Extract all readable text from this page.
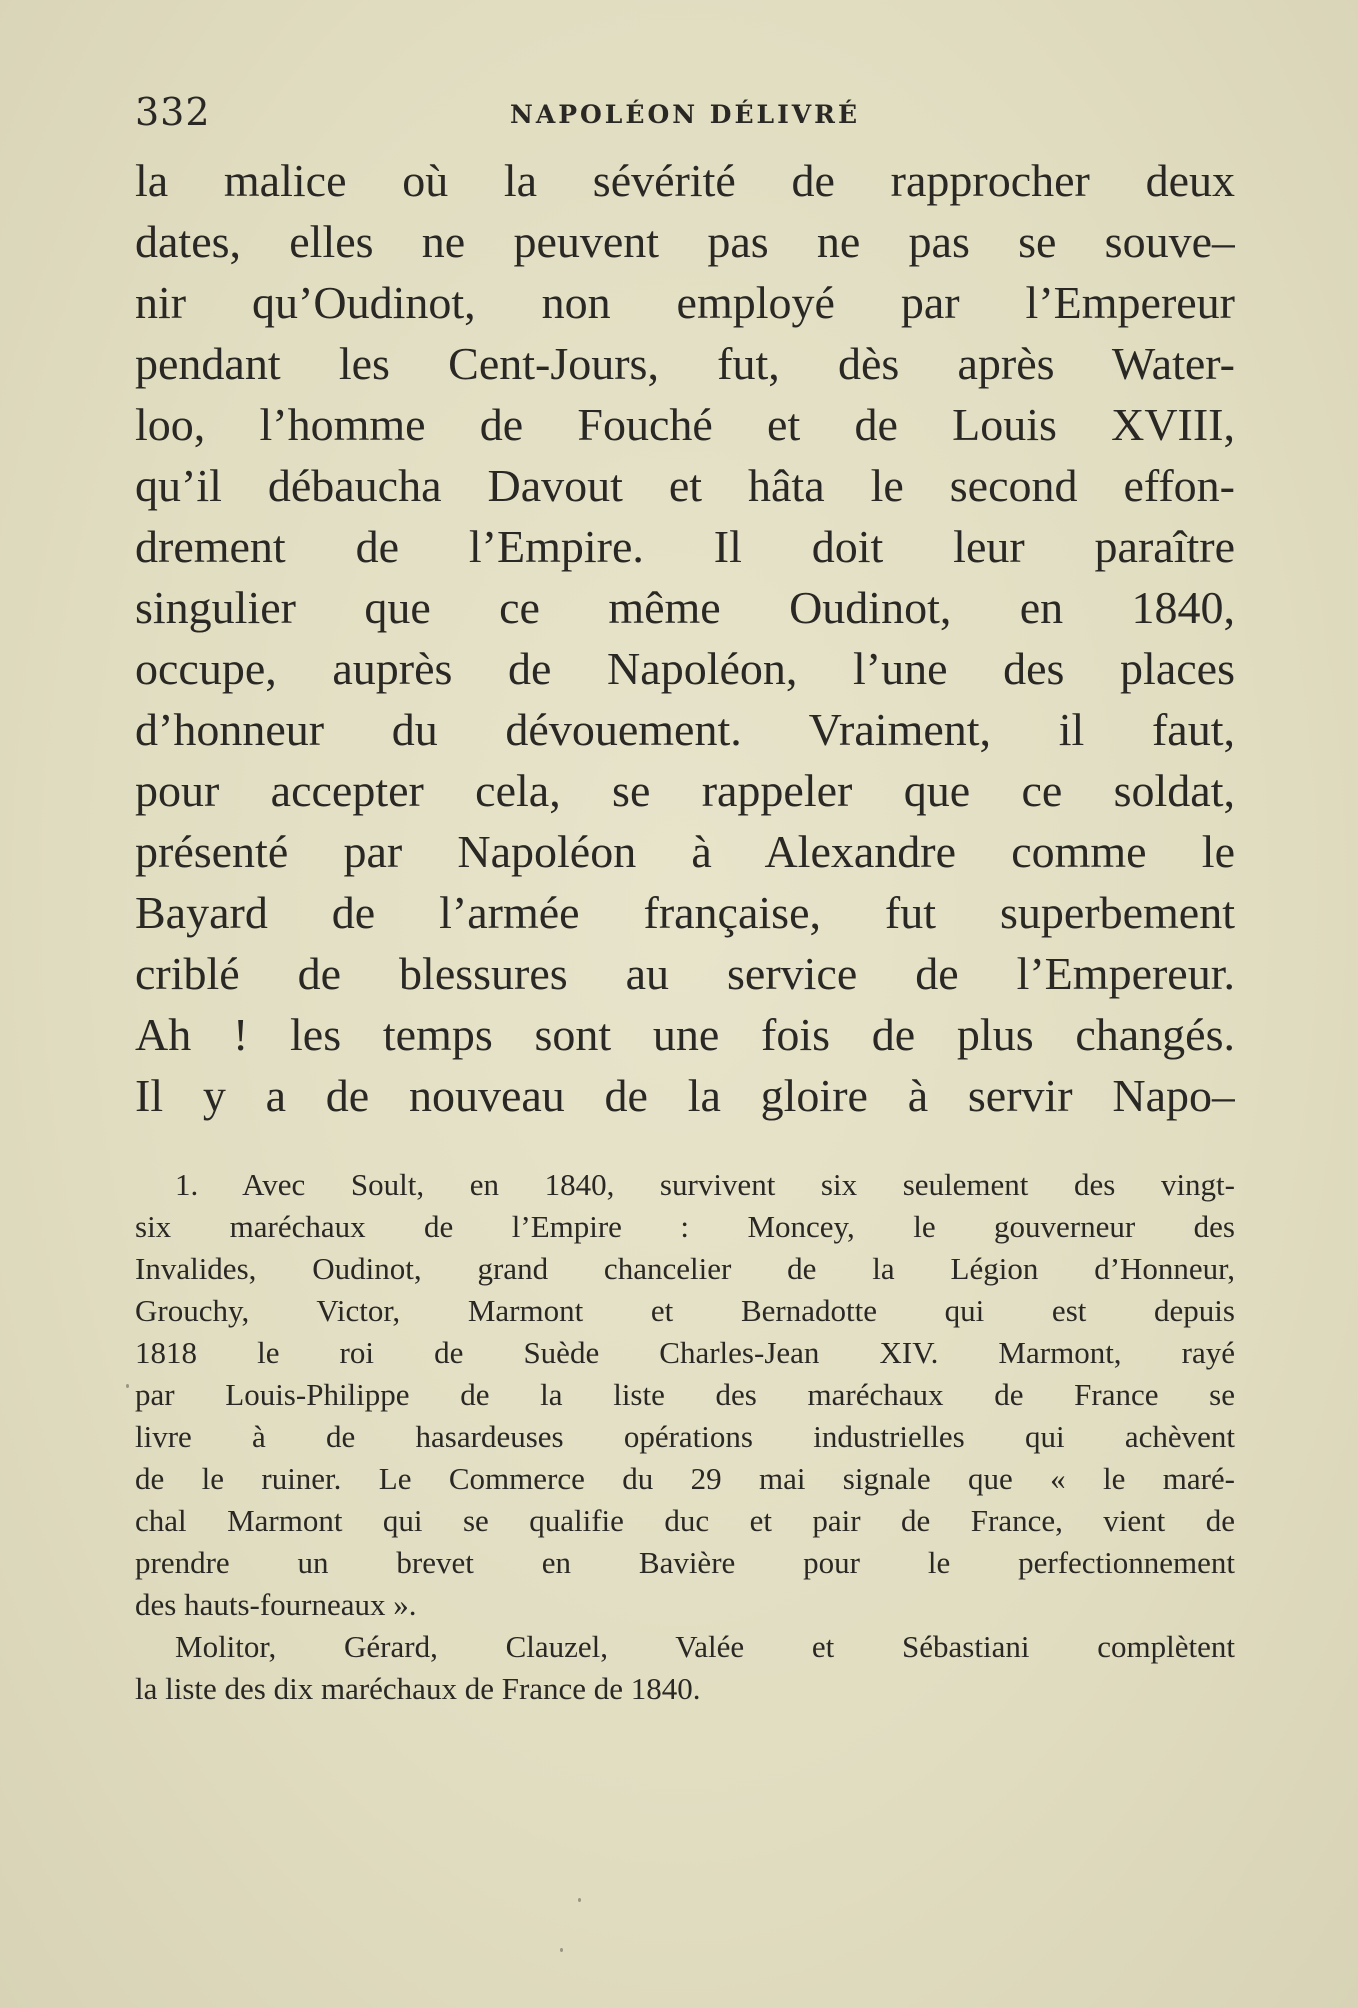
332	NAPOLÉON DÉLIVRÉ
la malice où la sévérité de rapprocher deux
dates, elles ne peuvent pas ne pas se souve–
nir qu’Oudinot, non employé par l’Empereur
pendant les Cent-Jours, fut, dès après Water-
loo, l’homme de Fouché et de Louis XVIII,
qu’il débaucha Davout et hâta le second effon-
drement de l’Empire. Il doit leur paraître
singulier que ce même Oudinot, en 1840,
occupe, auprès de Napoléon, l’une des places
d’honneur du dévouement. Vraiment, il faut,
pour accepter cela, se rappeler que ce soldat,
présenté par Napoléon à Alexandre comme le
Bayard de l’armée française, fut superbement
criblé de blessures au service de l’Empereur.
Ah ! les temps sont une fois de plus changés.
Il y a de nouveau de la gloire à servir Napo–
1. Avec Soult, en 1840, survivent six seulement des vingt-
six maréchaux de l’Empire : Moncey, le gouverneur des
Invalides, Oudinot, grand chancelier de la Légion d’Honneur,
Grouchy, Victor, Marmont et Bernadotte qui est depuis
1818 le roi de Suède Charles-Jean XIV. Marmont, rayé
par Louis-Philippe de la liste des maréchaux de France se
livre à de hasardeuses opérations industrielles qui achèvent
de le ruiner. Le Commerce du 29 mai signale que « le maré-
chal Marmont qui se qualifie duc et pair de France, vient de
prendre un brevet en Bavière pour le perfectionnement
des hauts-fourneaux ».
Molitor, Gérard, Clauzel, Valée et Sébastiani complètent
la liste des dix maréchaux de France de 1840.
